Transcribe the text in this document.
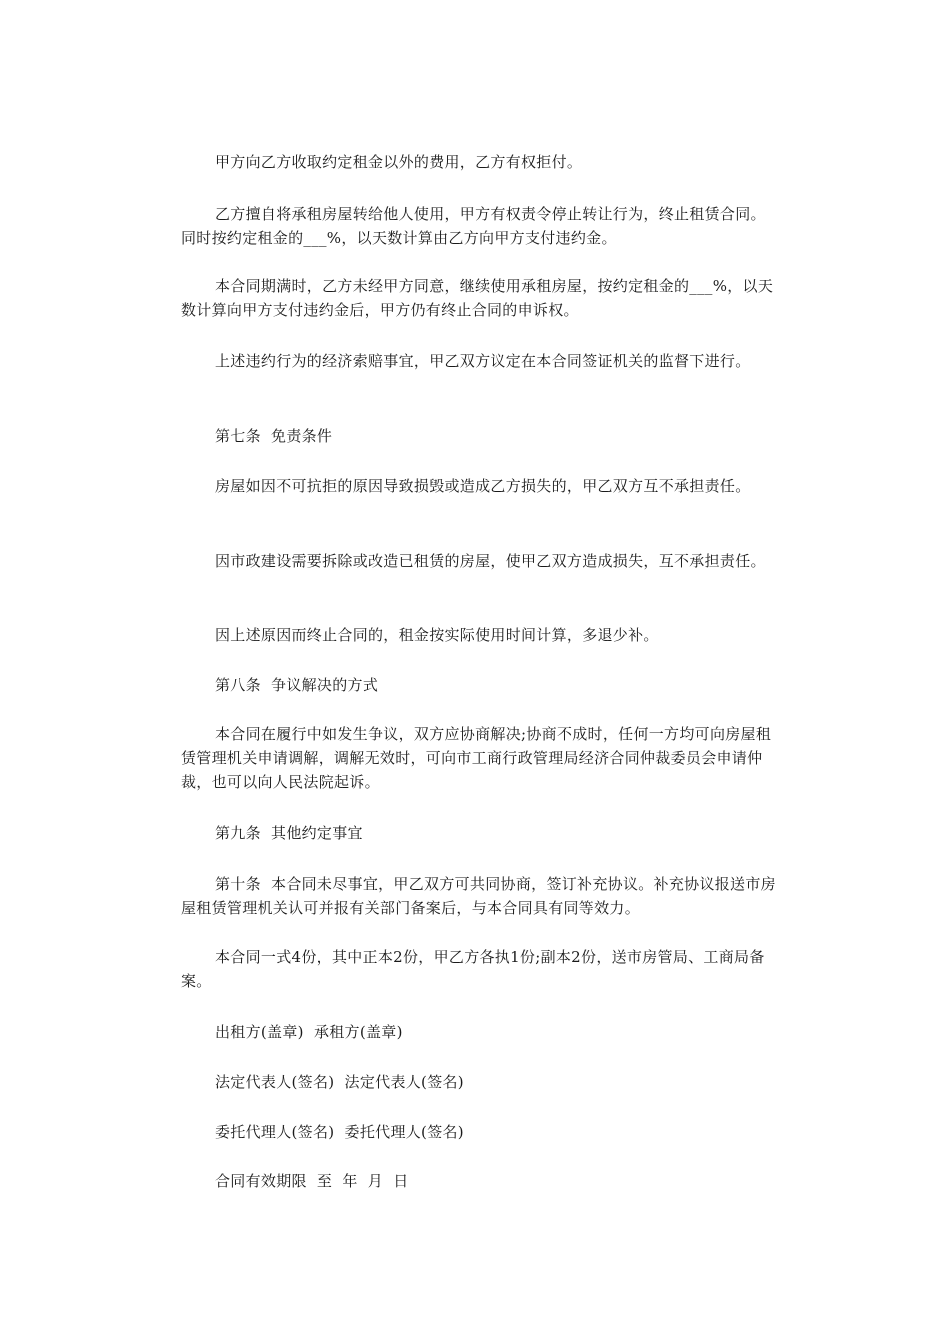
甲方向乙方收取约定租金以外的费用，乙方有权拒付。

乙方擅自将承租房屋转给他人使用，甲方有权责令停止转让行为，终止租赁合同。同时按约定租金的___%，以天数计算由乙方向甲方支付违约金。

本合同期满时，乙方未经甲方同意，继续使用承租房屋，按约定租金的___%，以天数计算向甲方支付违约金后，甲方仍有终止合同的申诉权。

上述违约行为的经济索赔事宜，甲乙双方议定在本合同签证机关的监督下进行。

第七条  免责条件

房屋如因不可抗拒的原因导致损毁或造成乙方损失的，甲乙双方互不承担责任。

因市政建设需要拆除或改造已租赁的房屋，使甲乙双方造成损失，互不承担责任。

因上述原因而终止合同的，租金按实际使用时间计算，多退少补。

第八条  争议解决的方式

本合同在履行中如发生争议，双方应协商解决;协商不成时，任何一方均可向房屋租赁管理机关申请调解，调解无效时，可向市工商行政管理局经济合同仲裁委员会申请仲裁，也可以向人民法院起诉。

第九条  其他约定事宜

第十条  本合同未尽事宜，甲乙双方可共同协商，签订补充协议。补充协议报送市房屋租赁管理机关认可并报有关部门备案后，与本合同具有同等效力。

本合同一式4份，其中正本2份，甲乙方各执1份;副本2份，送市房管局、工商局备案。

出租方(盖章)  承租方(盖章)

法定代表人(签名)  法定代表人(签名)

委托代理人(签名)  委托代理人(签名)

合同有效期限  至  年  月  日
